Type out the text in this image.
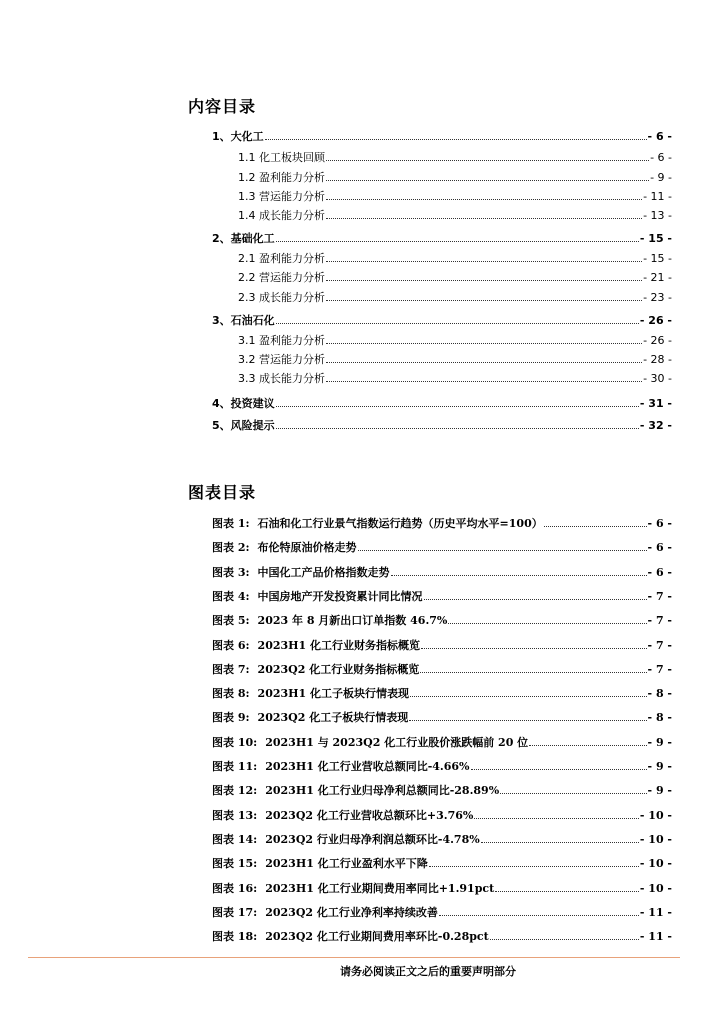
内容目录
1、大化工	- 6 -
1.1 化工板块回顾	- 6 -
1.2 盈利能力分析	- 9 -
1.3 营运能力分析	- 11 -
1.4 成长能力分析	- 13 -
2、基础化工	- 15 -
2.1 盈利能力分析	- 15 -
2.2 营运能力分析	- 21 -
2.3 成长能力分析	- 23 -
3、石油石化	- 26 -
3.1 盈利能力分析	- 26 -
3.2 营运能力分析	- 28 -
3.3 成长能力分析	- 30 -
4、投资建议	- 31 -
5、风险提示	- 32 -
图表目录
图表 1: 石油和化工行业景气指数运行趋势（历史平均水平=100）	- 6 -
图表 2: 布伦特原油价格走势	- 6 -
图表 3: 中国化工产品价格指数走势	- 6 -
图表 4: 中国房地产开发投资累计同比情况	- 7 -
图表 5: 2023 年 8 月新出口订单指数 46.7%	- 7 -
图表 6: 2023H1 化工行业财务指标概览	- 7 -
图表 7: 2023Q2 化工行业财务指标概览	- 7 -
图表 8: 2023H1 化工子板块行情表现	- 8 -
图表 9: 2023Q2 化工子板块行情表现	- 8 -
图表 10: 2023H1 与 2023Q2 化工行业股价涨跌幅前 20 位	- 9 -
图表 11: 2023H1 化工行业营收总额同比-4.66%	- 9 -
图表 12: 2023H1 化工行业归母净利总额同比-28.89%	- 9 -
图表 13: 2023Q2 化工行业营收总额环比+3.76%	- 10 -
图表 14: 2023Q2 行业归母净利润总额环比-4.78%	- 10 -
图表 15: 2023H1 化工行业盈利水平下降	- 10 -
图表 16: 2023H1 化工行业期间费用率同比+1.91pct	- 10 -
图表 17: 2023Q2 化工行业净利率持续改善	- 11 -
图表 18: 2023Q2 化工行业期间费用率环比-0.28pct	- 11 -
请务必阅读正文之后的重要声明部分
